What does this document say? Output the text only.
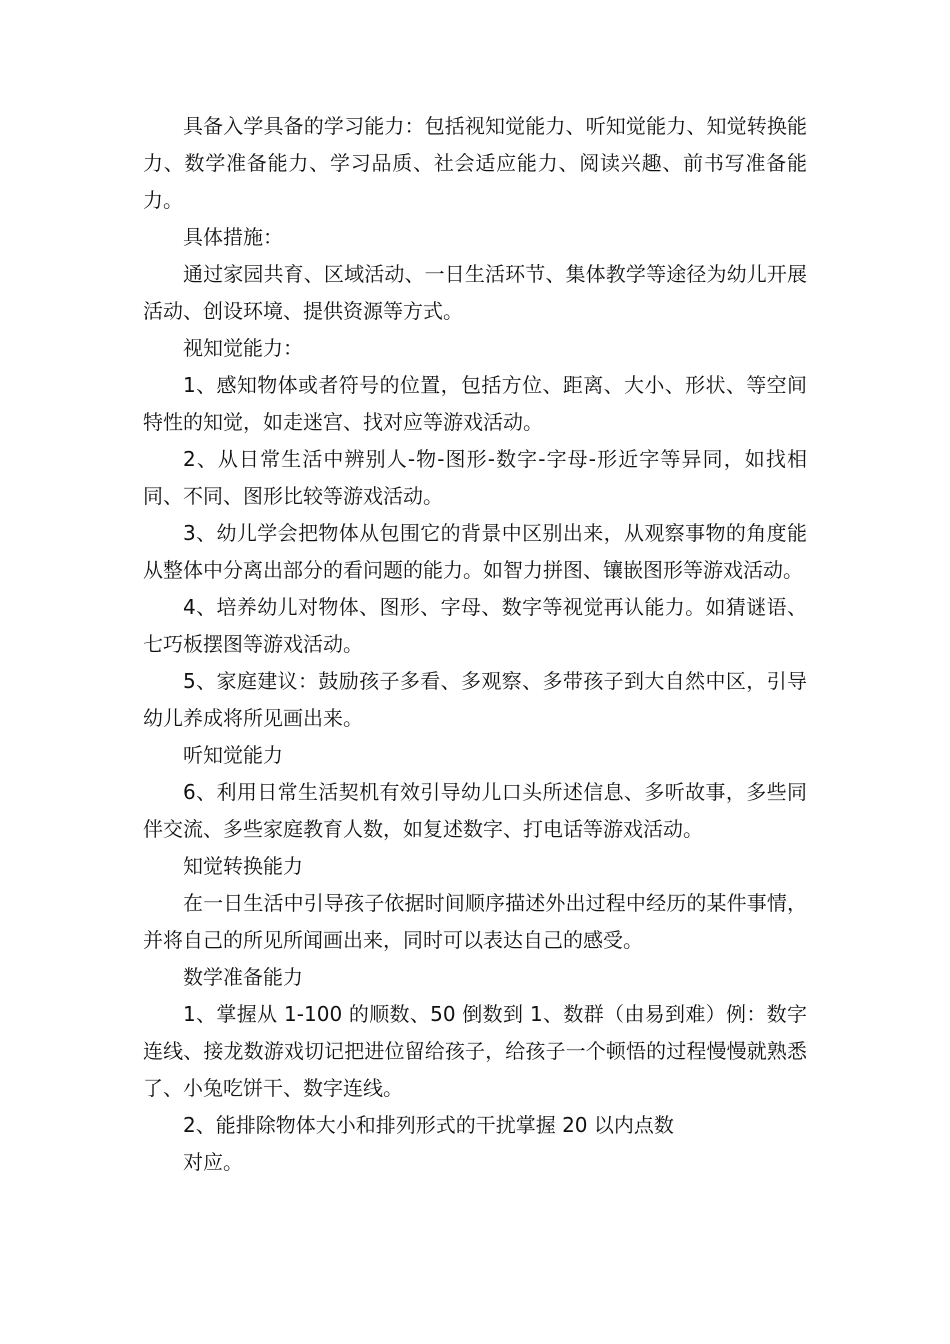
具备入学具备的学习能力：包括视知觉能力、听知觉能力、知觉转换能力、数学准备能力、学习品质、社会适应能力、阅读兴趣、前书写准备能力。

具体措施：

通过家园共育、区域活动、一日生活环节、集体教学等途径为幼儿开展活动、创设环境、提供资源等方式。

视知觉能力：

1、感知物体或者符号的位置，包括方位、距离、大小、形状、等空间特性的知觉，如走迷宫、找对应等游戏活动。

2、从日常生活中辨别人-物-图形-数字-字母-形近字等异同，如找相同、不同、图形比较等游戏活动。

3、幼儿学会把物体从包围它的背景中区别出来，从观察事物的角度能从整体中分离出部分的看问题的能力。如智力拼图、镶嵌图形等游戏活动。

4、培养幼儿对物体、图形、字母、数字等视觉再认能力。如猜谜语、七巧板摆图等游戏活动。

5、家庭建议：鼓励孩子多看、多观察、多带孩子到大自然中区，引导幼儿养成将所见画出来。

听知觉能力

6、利用日常生活契机有效引导幼儿口头所述信息、多听故事，多些同伴交流、多些家庭教育人数，如复述数字、打电话等游戏活动。

知觉转换能力

在一日生活中引导孩子依据时间顺序描述外出过程中经历的某件事情，并将自己的所见所闻画出来，同时可以表达自己的感受。

数学准备能力

1、掌握从 1-100 的顺数、50 倒数到 1、数群（由易到难）例：数字连线、接龙数游戏切记把进位留给孩子，给孩子一个顿悟的过程慢慢就熟悉了、小兔吃饼干、数字连线。

2、能排除物体大小和排列形式的干扰掌握 20 以内点数

对应。
